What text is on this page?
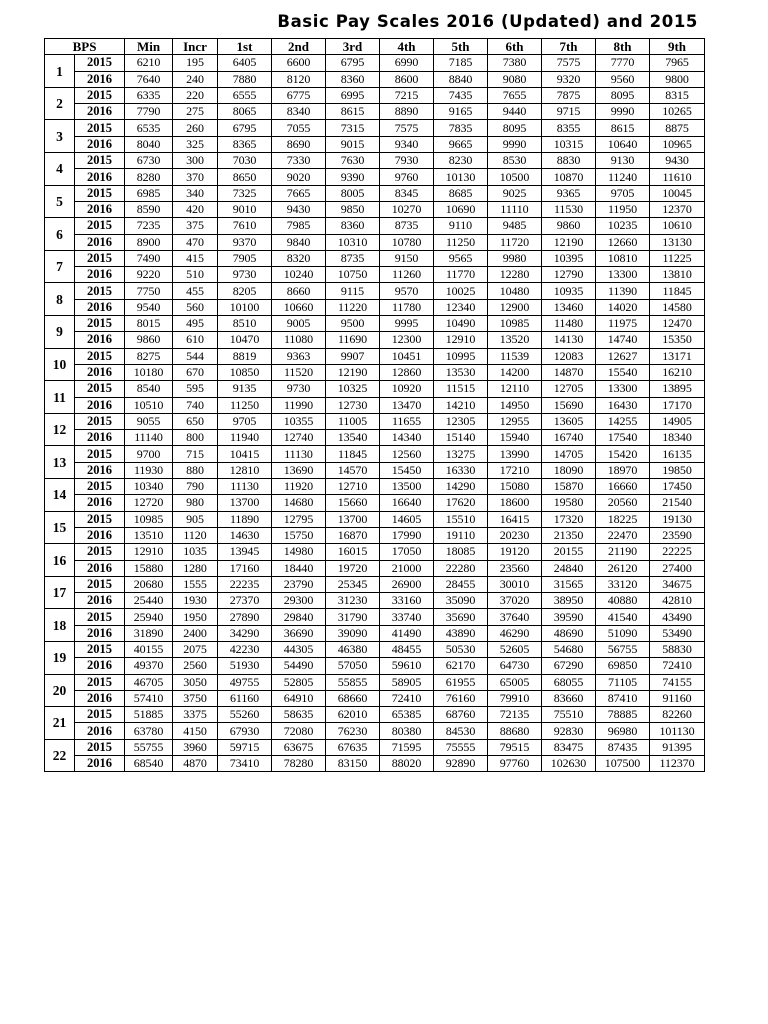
Basic Pay Scales 2016 (Updated) and 2015
BPS		Min	Incr	1st	2nd	3rd	4th	5th	6th	7th	8th	9th
1	2015	6210	195	6405	6600	6795	6990	7185	7380	7575	7770	7965
	2016	7640	240	7880	8120	8360	8600	8840	9080	9320	9560	9800
2	2015	6335	220	6555	6775	6995	7215	7435	7655	7875	8095	8315
	2016	7790	275	8065	8340	8615	8890	9165	9440	9715	9990	10265
3	2015	6535	260	6795	7055	7315	7575	7835	8095	8355	8615	8875
	2016	8040	325	8365	8690	9015	9340	9665	9990	10315	10640	10965
4	2015	6730	300	7030	7330	7630	7930	8230	8530	8830	9130	9430
	2016	8280	370	8650	9020	9390	9760	10130	10500	10870	11240	11610
5	2015	6985	340	7325	7665	8005	8345	8685	9025	9365	9705	10045
	2016	8590	420	9010	9430	9850	10270	10690	11110	11530	11950	12370
6	2015	7235	375	7610	7985	8360	8735	9110	9485	9860	10235	10610
	2016	8900	470	9370	9840	10310	10780	11250	11720	12190	12660	13130
7	2015	7490	415	7905	8320	8735	9150	9565	9980	10395	10810	11225
	2016	9220	510	9730	10240	10750	11260	11770	12280	12790	13300	13810
8	2015	7750	455	8205	8660	9115	9570	10025	10480	10935	11390	11845
	2016	9540	560	10100	10660	11220	11780	12340	12900	13460	14020	14580
9	2015	8015	495	8510	9005	9500	9995	10490	10985	11480	11975	12470
	2016	9860	610	10470	11080	11690	12300	12910	13520	14130	14740	15350
10	2015	8275	544	8819	9363	9907	10451	10995	11539	12083	12627	13171
	2016	10180	670	10850	11520	12190	12860	13530	14200	14870	15540	16210
11	2015	8540	595	9135	9730	10325	10920	11515	12110	12705	13300	13895
	2016	10510	740	11250	11990	12730	13470	14210	14950	15690	16430	17170
12	2015	9055	650	9705	10355	11005	11655	12305	12955	13605	14255	14905
	2016	11140	800	11940	12740	13540	14340	15140	15940	16740	17540	18340
13	2015	9700	715	10415	11130	11845	12560	13275	13990	14705	15420	16135
	2016	11930	880	12810	13690	14570	15450	16330	17210	18090	18970	19850
14	2015	10340	790	11130	11920	12710	13500	14290	15080	15870	16660	17450
	2016	12720	980	13700	14680	15660	16640	17620	18600	19580	20560	21540
15	2015	10985	905	11890	12795	13700	14605	15510	16415	17320	18225	19130
	2016	13510	1120	14630	15750	16870	17990	19110	20230	21350	22470	23590
16	2015	12910	1035	13945	14980	16015	17050	18085	19120	20155	21190	22225
	2016	15880	1280	17160	18440	19720	21000	22280	23560	24840	26120	27400
17	2015	20680	1555	22235	23790	25345	26900	28455	30010	31565	33120	34675
	2016	25440	1930	27370	29300	31230	33160	35090	37020	38950	40880	42810
18	2015	25940	1950	27890	29840	31790	33740	35690	37640	39590	41540	43490
	2016	31890	2400	34290	36690	39090	41490	43890	46290	48690	51090	53490
19	2015	40155	2075	42230	44305	46380	48455	50530	52605	54680	56755	58830
	2016	49370	2560	51930	54490	57050	59610	62170	64730	67290	69850	72410
20	2015	46705	3050	49755	52805	55855	58905	61955	65005	68055	71105	74155
	2016	57410	3750	61160	64910	68660	72410	76160	79910	83660	87410	91160
21	2015	51885	3375	55260	58635	62010	65385	68760	72135	75510	78885	82260
	2016	63780	4150	67930	72080	76230	80380	84530	88680	92830	96980	101130
22	2015	55755	3960	59715	63675	67635	71595	75555	79515	83475	87435	91395
	2016	68540	4870	73410	78280	83150	88020	92890	97760	102630	107500	112370
